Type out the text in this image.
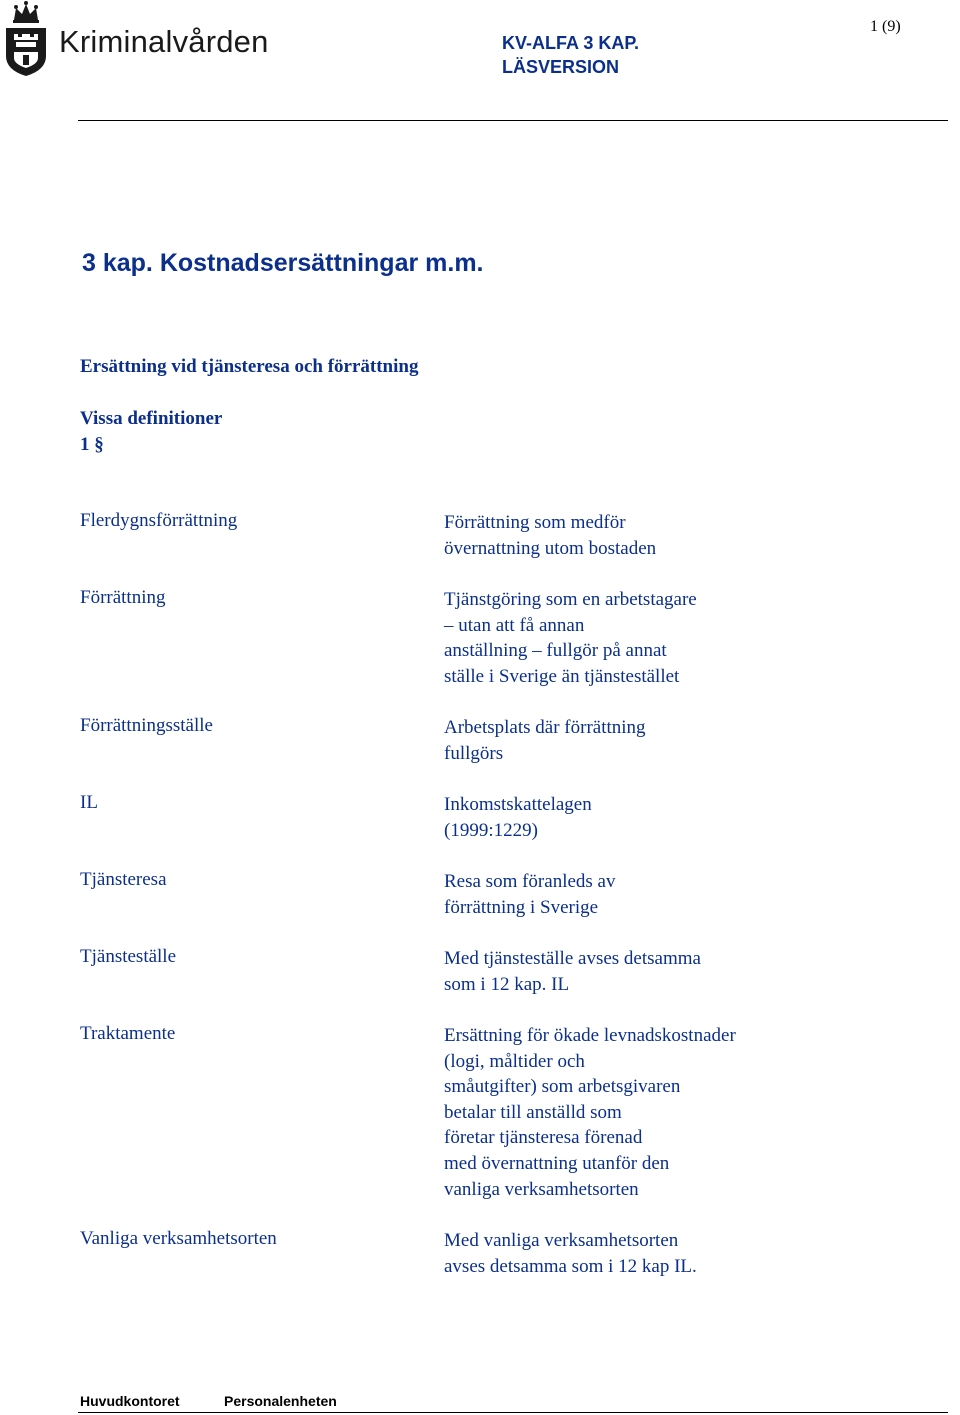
Kriminalvården	KV-ALFA 3 KAP.
LÄSVERSION
1 (9)
3 kap. Kostnadsersättningar m.m.
Ersättning vid tjänsteresa och förrättning
Vissa definitioner
1 §
Flerdygnsförrättning	Förrättning som medför
övernattning utom bostaden
Förrättning	Tjänstgöring som en arbetstagare
– utan att få annan
anställning – fullgör på annat
ställe i Sverige än tjänstestället
Förrättningsställe	Arbetsplats där förrättning
fullgörs
IL	Inkomstskattelagen
(1999:1229)
Tjänsteresa	Resa som föranleds av
förrättning i Sverige
Tjänsteställe	Med tjänsteställe avses detsamma
som i 12 kap. IL
Traktamente	Ersättning för ökade levnadskostnader
(logi, måltider och
småutgifter) som arbetsgivaren
betalar till anställd som
företar tjänsteresa förenad
med övernattning utanför den
vanliga verksamhetsorten
Vanliga verksamhetsorten	Med vanliga verksamhetsorten
avses detsamma som i 12 kap IL.
Huvudkontoret	Personalenheten
